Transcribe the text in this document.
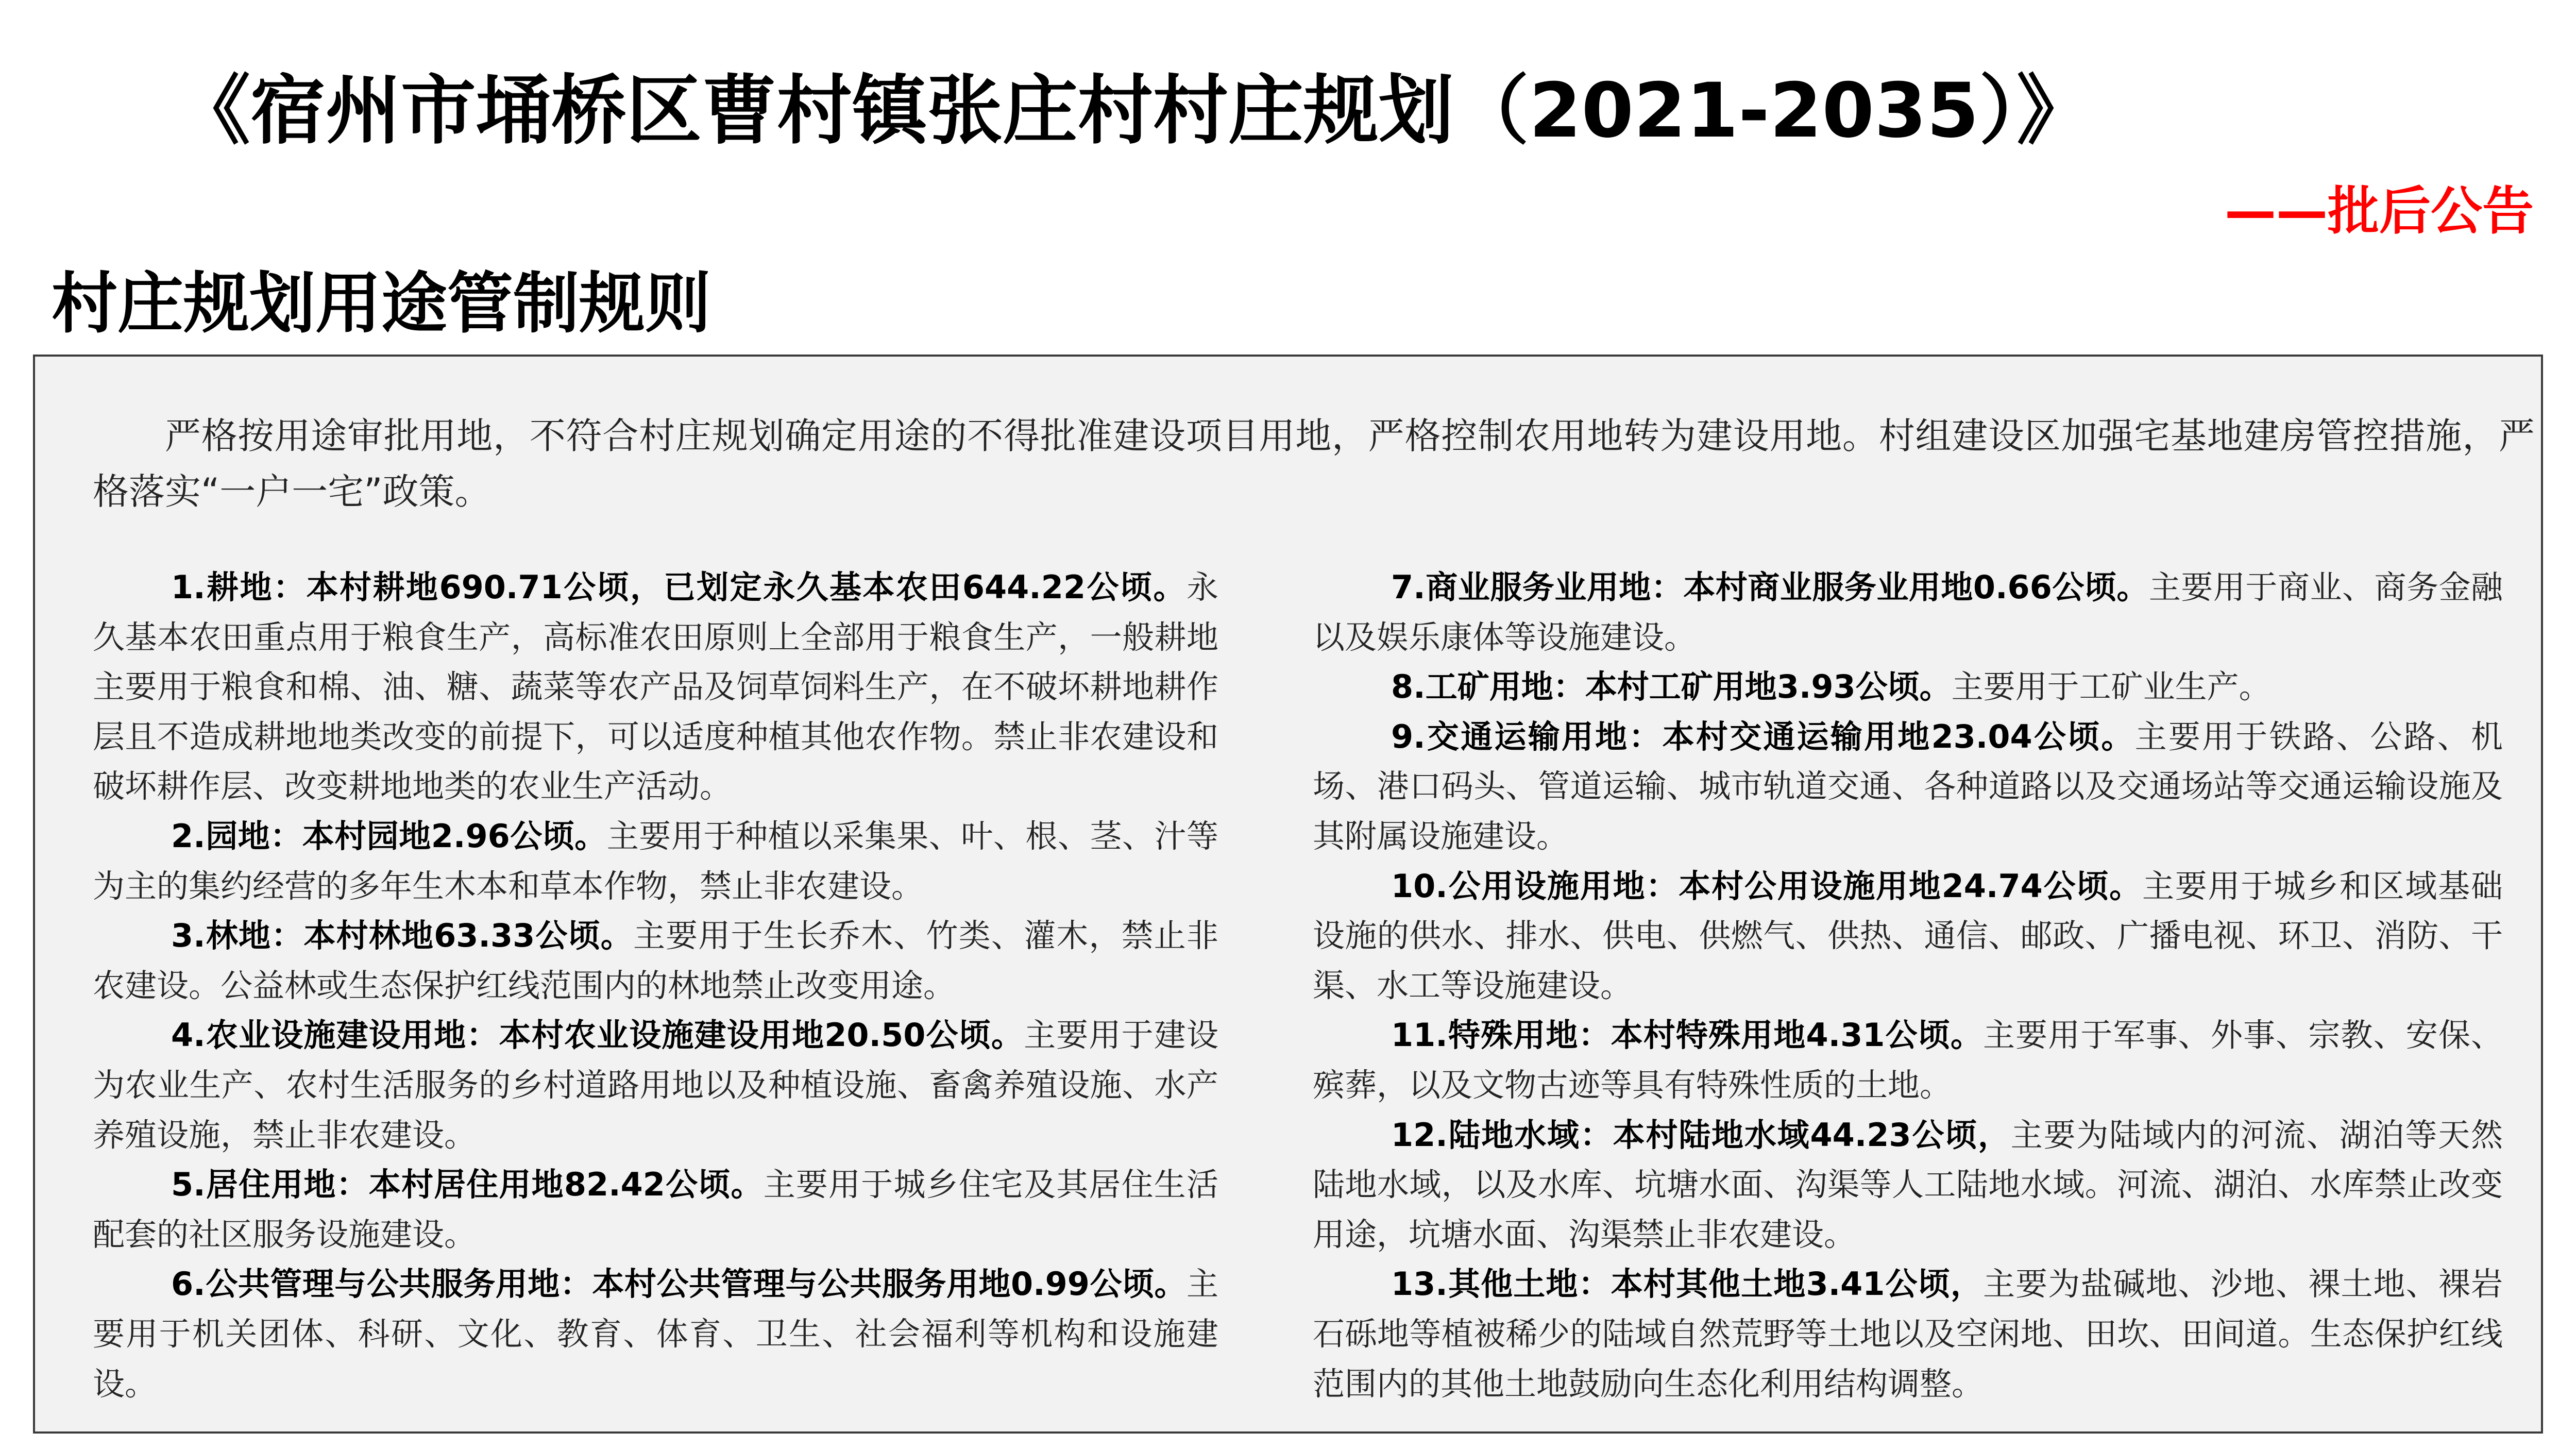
《宿州市埇桥区曹村镇张庄村村庄规划（2021-2035）》
——批后公告
村庄规划用途管制规则

严格按用途审批用地，不符合村庄规划确定用途的不得批准建设项目用地，严格控制农用地转为建设用地。村组建设区加强宅基地建房管控措施，严格落实“一户一宅”政策。

1.耕地：本村耕地690.71公顷，已划定永久基本农田644.22公顷。永久基本农田重点用于粮食生产，高标准农田原则上全部用于粮食生产，一般耕地主要用于粮食和棉、油、糖、蔬菜等农产品及饲草饲料生产，在不破坏耕地耕作层且不造成耕地地类改变的前提下，可以适度种植其他农作物。禁止非农建设和破坏耕作层、改变耕地地类的农业生产活动。

2.园地：本村园地2.96公顷。主要用于种植以采集果、叶、根、茎、汁等为主的集约经营的多年生木本和草本作物，禁止非农建设。

3.林地：本村林地63.33公顷。主要用于生长乔木、竹类、灌木，禁止非农建设。公益林或生态保护红线范围内的林地禁止改变用途。

4.农业设施建设用地：本村农业设施建设用地20.50公顷。主要用于建设为农业生产、农村生活服务的乡村道路用地以及种植设施、畜禽养殖设施、水产养殖设施，禁止非农建设。

5.居住用地：本村居住用地82.42公顷。主要用于城乡住宅及其居住生活配套的社区服务设施建设。

6.公共管理与公共服务用地：本村公共管理与公共服务用地0.99公顷。主要用于机关团体、科研、文化、教育、体育、卫生、社会福利等机构和设施建设。

7.商业服务业用地：本村商业服务业用地0.66公顷。主要用于商业、商务金融以及娱乐康体等设施建设。

8.工矿用地：本村工矿用地3.93公顷。主要用于工矿业生产。

9.交通运输用地：本村交通运输用地23.04公顷。主要用于铁路、公路、机场、港口码头、管道运输、城市轨道交通、各种道路以及交通场站等交通运输设施及其附属设施建设。

10.公用设施用地：本村公用设施用地24.74公顷。主要用于城乡和区域基础设施的供水、排水、供电、供燃气、供热、通信、邮政、广播电视、环卫、消防、干渠、水工等设施建设。

11.特殊用地：本村特殊用地4.31公顷。主要用于军事、外事、宗教、安保、殡葬，以及文物古迹等具有特殊性质的土地。

12.陆地水域：本村陆地水域44.23公顷，主要为陆域内的河流、湖泊等天然陆地水域，以及水库、坑塘水面、沟渠等人工陆地水域。河流、湖泊、水库禁止改变用途，坑塘水面、沟渠禁止非农建设。

13.其他土地：本村其他土地3.41公顷，主要为盐碱地、沙地、裸土地、裸岩石砾地等植被稀少的陆域自然荒野等土地以及空闲地、田坎、田间道。生态保护红线范围内的其他土地鼓励向生态化利用结构调整。
